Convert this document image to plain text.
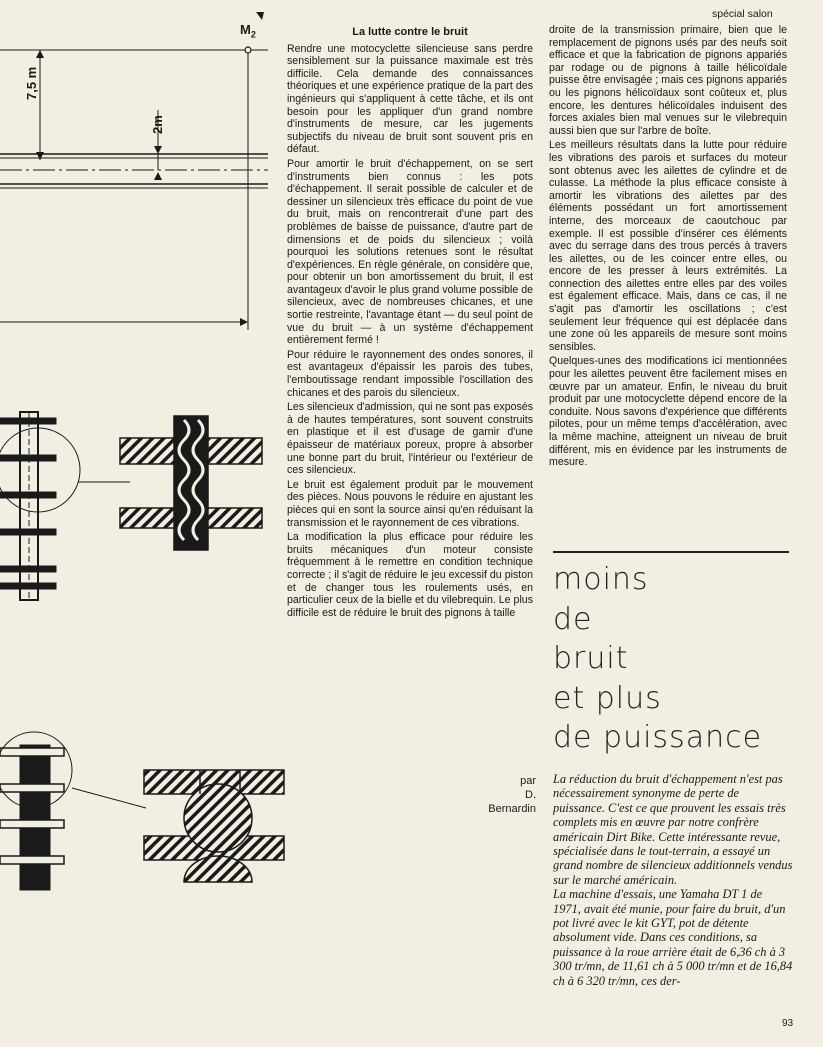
$M_2$
7,5 m
2m
spécial salon
La lutte contre le bruit

Rendre une motocyclette silencieuse sans perdre sensiblement sur la puissance maximale est très difficile. Cela demande des connaissances théoriques et une expérience pratique de la part des ingénieurs qui s'appliquent à cette tâche, et ils ont besoin pour les appliquer d'un grand nombre d'instruments de mesure, car les jugements subjectifs du niveau de bruit sont souvent pris en défaut.

Pour amortir le bruit d'échappement, on se sert d'instruments bien connus : les pots d'échappement. Il serait possible de calculer et de dessiner un silencieux très efficace du point de vue du bruit, mais on rencontrerait d'une part des problèmes de baisse de puissance, d'autre part de dimensions et de poids du silencieux ; voilà pourquoi les solutions retenues sont le résultat d'expériences. En règle générale, on considère que, pour obtenir un bon amortissement du bruit, il est avantageux d'avoir le plus grand volume possible de silencieux, avec de nombreuses chicanes, et une sortie restreinte, l'avantage étant — du seul point de vue du bruit — à un système d'échappement entièrement fermé !

Pour réduire le rayonnement des ondes sonores, il est avantageux d'épaissir les parois des tubes, l'emboutissage rendant impossible l'oscillation des chicanes et des parois du silencieux.

Les silencieux d'admission, qui ne sont pas exposés à de hautes températures, sont souvent construits en plastique et il est d'usage de garnir d'une épaisseur de matériaux poreux, propre à absorber une bonne part du bruit, l'intérieur ou l'extérieur de ces silencieux.

Le bruit est également produit par le mouvement des pièces. Nous pouvons le réduire en ajustant les pièces qui en sont la source ainsi qu'en réduisant la transmission et le rayonnement de ces vibrations.

La modification la plus efficace pour réduire les bruits mécaniques d'un moteur consiste fréquemment à le remettre en condition technique correcte ; il s'agit de réduire le jeu excessif du piston et de changer tous les roulements usés, en particulier ceux de la bielle et du vilebrequin. Le plus difficile est de réduire le bruit des pignons à taille

droite de la transmission primaire, bien que le remplacement de pignons usés par des neufs soit efficace et que la fabrication de pignons appariés par rodage ou de pignons à taille hélicoïdale puisse être envisagée ; mais ces pignons appariés ou les pignons hélicoïdaux sont coûteux et, plus encore, les dentures hélicoïdales induisent des forces axiales bien mal venues sur le vilebrequin aussi bien que sur l'arbre de boîte.

Les meilleurs résultats dans la lutte pour réduire les vibrations des parois et surfaces du moteur sont obtenus avec les ailettes de cylindre et de culasse. La méthode la plus efficace consiste à amortir les vibrations des ailettes par des éléments possédant un fort amortissement interne, des morceaux de caoutchouc par exemple. Il est possible d'insérer ces éléments avec du serrage dans des trous percés à travers les ailettes, ou de les coincer entre elles, ou encore de les presser à leurs extrémités. La connection des ailettes entre elles par des voiles est également efficace. Mais, dans ce cas, il ne s'agit pas d'amortir les oscillations ; c'est seulement leur fréquence qui est déplacée dans une zone où les appareils de mesure sont moins sensibles.

Quelques-unes des modifications ici mentionnées pour les ailettes peuvent être facilement mises en œuvre par un amateur. Enfin, le niveau du bruit produit par une motocyclette dépend encore de la conduite. Nous savons d'expérience que différents pilotes, pour un même temps d'accélération, avec la même machine, atteignent un niveau de bruit différent, mis en évidence par les instruments de mesure.

moins
de
bruit
et plus
de puissance
par
D.
Bernardin

La réduction du bruit d'échappement n'est pas nécessairement synonyme de perte de puissance. C'est ce que prouvent les essais très complets mis en œuvre par notre confrère américain Dirt Bike. Cette intéressante revue, spécialisée dans le tout-terrain, a essayé un grand nombre de silencieux additionnels vendus sur le marché américain.

La machine d'essais, une Yamaha DT 1 de 1971, avait été munie, pour faire du bruit, d'un pot livré avec le kit GYT, pot de détente absolument vide. Dans ces conditions, sa puissance à la roue arrière était de 6,36 ch à 3 300 tr/mn, de 11,61 ch à 5 000 tr/mn et de 16,84 ch à 6 320 tr/mn, ces der-

93
